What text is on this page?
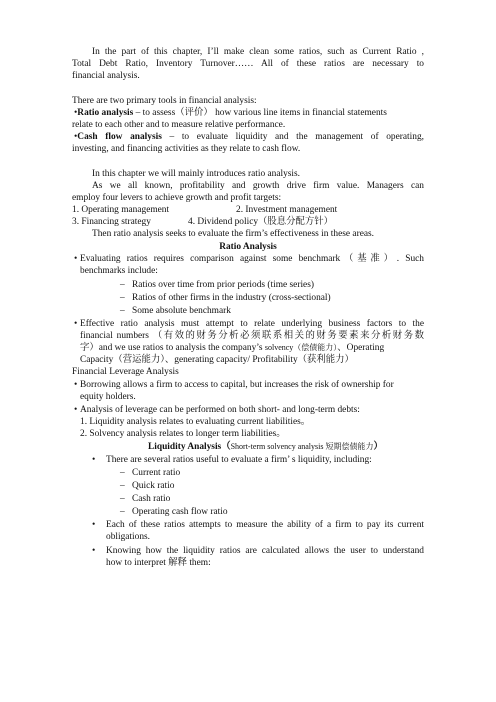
In the part of this chapter, I’ll make clean some ratios, such as Current Ratio ,
Total Debt Ratio, Inventory Turnover…… All of these ratios are necessary to
financial analysis.
There are two primary tools in financial analysis:
•Ratio analysis – to assess（评价） how various line items in financial statements
relate to each other and to measure relative performance.
•Cash flow analysis – to evaluate liquidity and the management of operating,
investing, and financing activities as they relate to cash flow.
In this chapter we will mainly introduces ratio analysis.
As we all known, profitability and growth drive firm value. Managers can
employ four levers to achieve growth and profit targets:
1. Operating management	2. Investment management
3. Financing strategy	4. Dividend policy（股息分配方针）
Then ratio analysis seeks to evaluate the firm’s effectiveness in these areas.
Ratio Analysis
• Evaluating ratios requires comparison against some benchmark（基准）. Such
benchmarks include:
– Ratios over time from prior periods (time series)
– Ratios of other firms in the industry (cross-sectional)
– Some absolute benchmark
• Effective ratio analysis must attempt to relate underlying business factors to the
financial numbers （有效的财务分析必须联系相关的财务要素来分析财务数
字）and we use ratios to analysis the company’s solvency（偿债能力）、Operating
Capacity（营运能力）、generating capacity/ Profitability（获利能力）
Financial Leverage Analysis
• Borrowing allows a firm to access to capital, but increases the risk of ownership for
equity holders.
• Analysis of leverage can be performed on both short- and long-term debts:
1. Liquidity analysis relates to evaluating current liabilities。
2. Solvency analysis relates to longer term liabilities。
Liquidity Analysis（Short-term solvency analysis 短期偿债能力）
• There are several ratios useful to evaluate a firm’ s liquidity, including:
– Current ratio
– Quick ratio
– Cash ratio
– Operating cash flow ratio
• Each of these ratios attempts to measure the ability of a firm to pay its current
obligations.
• Knowing how the liquidity ratios are calculated allows the user to understand
how to interpret 解释 them:
